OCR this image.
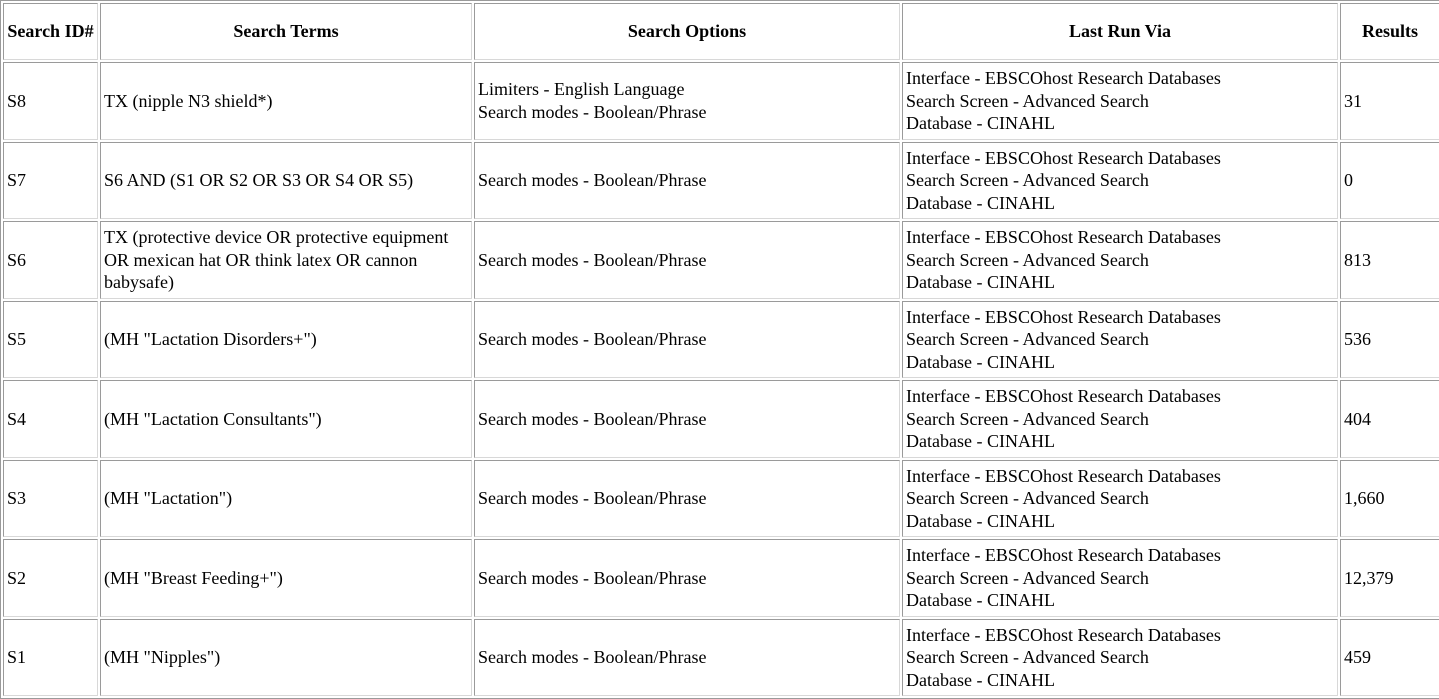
Search ID#	Search Terms	Search Options	Last Run Via	Results
S8	TX (nipple N3 shield*)	Limiters - English Language
Search modes - Boolean/Phrase	Interface - EBSCOhost Research Databases
Search Screen - Advanced Search
Database - CINAHL	31
S7	S6 AND (S1 OR S2 OR S3 OR S4 OR S5)	Search modes - Boolean/Phrase	Interface - EBSCOhost Research Databases
Search Screen - Advanced Search
Database - CINAHL	0
S6	TX (protective device OR protective equipment OR mexican hat OR think latex OR cannon babysafe)	Search modes - Boolean/Phrase	Interface - EBSCOhost Research Databases
Search Screen - Advanced Search
Database - CINAHL	813
S5	(MH "Lactation Disorders+")	Search modes - Boolean/Phrase	Interface - EBSCOhost Research Databases
Search Screen - Advanced Search
Database - CINAHL	536
S4	(MH "Lactation Consultants")	Search modes - Boolean/Phrase	Interface - EBSCOhost Research Databases
Search Screen - Advanced Search
Database - CINAHL	404
S3	(MH "Lactation")	Search modes - Boolean/Phrase	Interface - EBSCOhost Research Databases
Search Screen - Advanced Search
Database - CINAHL	1,660
S2	(MH "Breast Feeding+")	Search modes - Boolean/Phrase	Interface - EBSCOhost Research Databases
Search Screen - Advanced Search
Database - CINAHL	12,379
S1	(MH "Nipples")	Search modes - Boolean/Phrase	Interface - EBSCOhost Research Databases
Search Screen - Advanced Search
Database - CINAHL	459
